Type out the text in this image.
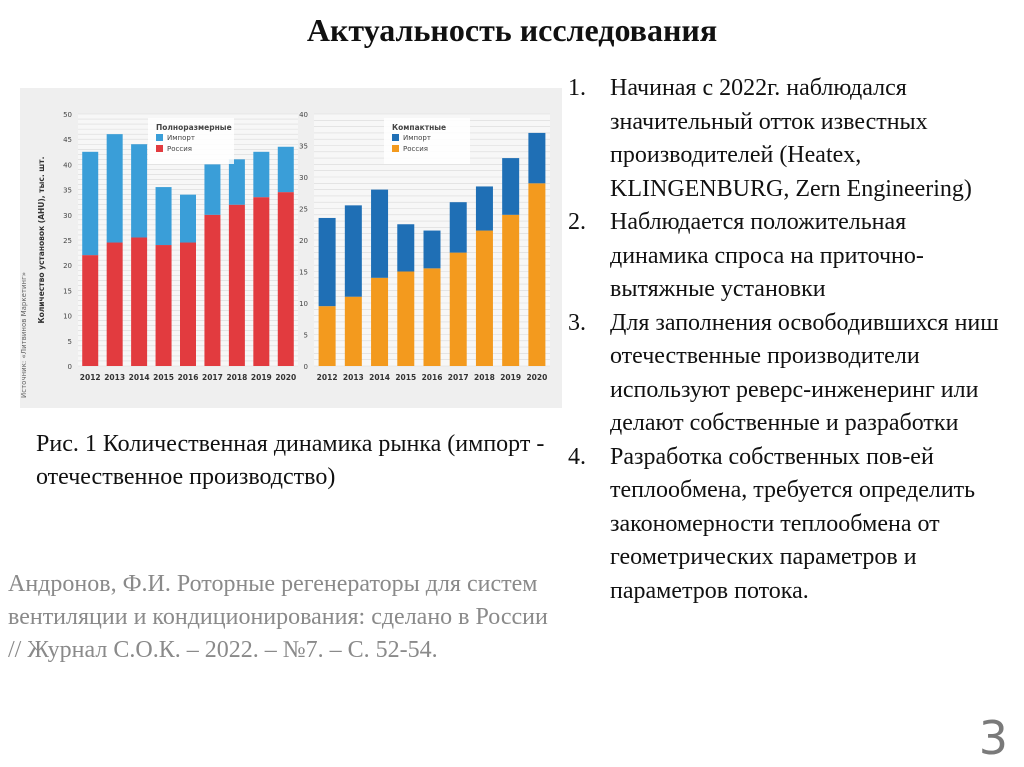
Актуальность исследования
Источник: «Литвинов Маркетинг»	0
5
10
15
20
25
30
35
40
45
50
Количество установок (AHU), тыс. шт.
2012 2013 2014 2015 2016 2017 2018 2019 2020
Полноразмерные
Импорт
Россия
0
5
10
15
20
25
30
35
40
2012 2013 2014 2015 2016 2017 2018 2019 2020
Компактные
Импорт
Россия
Рис. 1 Количественная динамика рынка (импорт - отечественное производство)
Андронов, Ф.И. Роторные регенераторы для систем вентиляции и кондиционирования: сделано в России // Журнал С.О.К. – 2022. – №7. – С. 52-54.
1. Начиная с 2022г. наблюдался значительный отток известных производителей (Heatex, KLINGENBURG, Zern Engineering)
2. Наблюдается положительная динамика спроса на приточно-вытяжные установки
3. Для заполнения освободившихся ниш отечественные производители используют реверс-инженеринг или делают собственные и разработки
4. Разработка собственных пов-ей теплообмена, требуется определить закономерности теплообмена от геометрических параметров и параметров потока.
3
